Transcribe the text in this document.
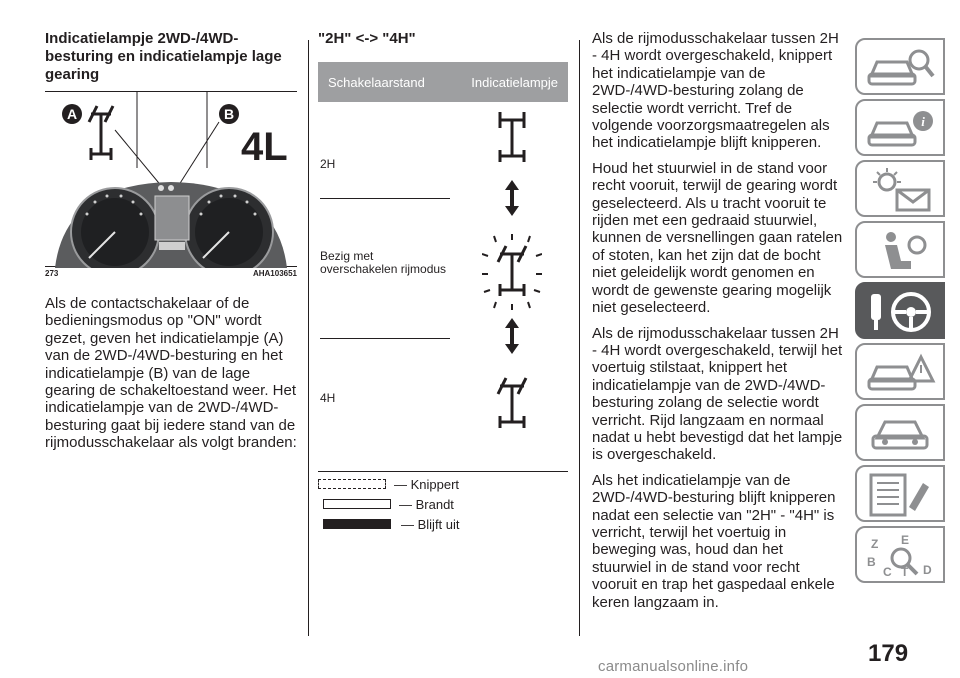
Indicatielampje 2WD-/4WD-besturing en indicatielampje lage gearing
A	B
4L
273	AHA103651
Als de contactschakelaar of de bedieningsmodus op "ON" wordt gezet, geven het indicatielampje (A) van de 2WD-/4WD-besturing en het indicatielampje (B) van de lage gearing de schakeltoestand weer. Het indicatielampje van de 2WD-/4WD-besturing gaat bij iedere stand van de rijmodusschakelaar als volgt branden:
"2H" <-> "4H"
Schakelaarstand	Indicatielampje
2H
Bezig met overschakelen rijmodus
4H
— Knippert
— Brandt
— Blijft uit
Als de rijmodusschakelaar tussen 2H - 4H wordt overgeschakeld, knippert het indicatielampje van de 2WD-/4WD-besturing zolang de selectie wordt verricht. Tref de volgende voorzorgsmaatregelen als het indicatielampje blijft knipperen.
Houd het stuurwiel in de stand voor recht vooruit, terwijl de gearing wordt geselecteerd. Als u tracht vooruit te rijden met een gedraaid stuurwiel, kunnen de versnellingen gaan ratelen of stoten, kan het zijn dat de bocht niet geleidelijk wordt genomen en wordt de gewenste gearing mogelijk niet geselecteerd.
Als de rijmodusschakelaar tussen 2H - 4H wordt overgeschakeld, terwijl het voertuig stilstaat, knippert het indicatielampje van de 2WD-/4WD-besturing zolang de selectie wordt verricht. Rijd langzaam en normaal nadat u hebt bevestigd dat het lampje is overgeschakeld.
Als het indicatielampje van de 2WD-/4WD-besturing blijft knipperen nadat een selectie van "2H" - "4H" is verricht, terwijl het voertuig in beweging was, houd dan het stuurwiel in de stand voor recht vooruit en trap het gaspedaal enkele keren langzaam in.
i
Z E
B
C T D
179
carmanualsonline.info
